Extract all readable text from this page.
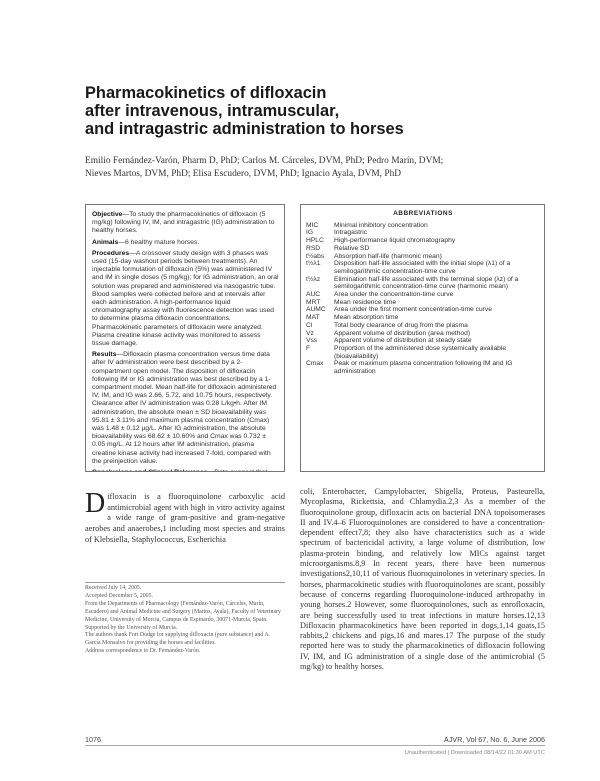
Pharmacokinetics of difloxacin
after intravenous, intramuscular,
and intragastric administration to horses
Emilio Fernández-Varón, Pharm D, PhD; Carlos M. Cárceles, DVM, PhD; Pedro Marín, DVM;
Nieves Martos, DVM, PhD; Elisa Escudero, DVM, PhD; Ignacio Ayala, DVM, PhD

Objective—To study the pharmacokinetics of difloxacin (5 mg/kg) following IV, IM, and intragastric (IG) administration to healthy horses.

Animals—6 healthy mature horses.

Procedures—A crossover study design with 3 phases was used (15-day washout periods between treatments). An injectable formulation of difloxacin (5%) was administered IV and IM in single doses (5 mg/kg); for IG administration, an oral solution was prepared and administered via nasogastric tube. Blood samples were collected before and at intervals after each administration. A high-performance liquid chromatography assay with fluorescence detection was used to determine plasma difloxacin concentrations. Pharmacokinetic parameters of difloxacin were analyzed. Plasma creatine kinase activity was monitored to assess tissue damage.

Results—Difloxacin plasma concentration versus time data after IV administration were best described by a 2-compartment open model. The disposition of difloxacin following IM or IG administration was best described by a 1-compartment model. Mean half-life for difloxacin administered IV, IM, and IG was 2.66, 5.72, and 10.75 hours, respectively. Clearance after IV administration was 0.28 L/kg•h. After IM administration, the absolute mean ± SD bioavailability was 95.81 ± 3.11% and maximum plasma concentration (Cmax) was 1.48 ± 0.12 µg/L. After IG administration, the absolute bioavailability was 68.62 ± 10.60% and Cmax was 0.732 ± 0.05 mg/L. At 12 hours after IM administration, plasma creatine kinase activity had increased 7-fold, compared with the preinjection value.

ABBREVIATIONS
MIC	Minimal inhibitory concentration
IG	Intragastric
HPLC	High-performance liquid chromatography
RSD	Relative SD
t½abs	Absorption half-life (harmonic mean)
t½λ1	Disposition half-life associated with the initial slope (λ1) of a semilogarithmic concentration-time curve
t½λz	Elimination half-life associated with the terminal slope (λz) of a semilogarithmic concentration-time curve (harmonic mean)
AUC	Area under the concentration-time curve
MRT	Mean residence time
AUMC	Area under the first moment concentration-time curve
MAT	Mean absorption time
Cl	Total body clearance of drug from the plasma
Vz	Apparent volume of distribution (area method)
Vss	Apparent volume of distribution at steady state
F	Proportion of the administered dose systemically available (bioavailability)
Cmax	Peak or maximum plasma concentration following IM and IG administration
Difloxacin is a fluoroquinolone carboxylic acid antimicrobial agent with high in vitro activity against a wide range of gram-positive and gram-negative aerobes and anaerobes,1 including most species and strains of Klebsiella, Staphylococcus, Escherichia
coli, Enterobacter, Campylobacter, Shigella, Proteus, Pasteurella, Mycoplasma, Rickettsia, and Chlamydia.2,3 As a member of the fluoroquinolone group, difloxacin acts on bacterial DNA topoisomerases II and IV.4–6 Fluoroquinolones are considered to have a concentration-dependent effect7,8; they also have characteristics such as a wide spectrum of bactericidal activity, a large volume of distribution, low plasma-protein binding, and relatively low MICs against target microorganisms.8,9 In recent years, there have been numerous investigations2,10,11 of various fluoroquinolones in veterinary species. In horses, pharmacokinetic studies with fluoroquinolones are scant, possibly because of concerns regarding fluoroquinolone-induced arthropathy in young horses.2 However, some fluoroquinolones, such as enrofloxacin, are being successfully used to treat infections in mature horses.12,13 Difloxacin pharmacokinetics have been reported in dogs,1,14 goats,15 rabbits,2 chickens and pigs,16 and mares.17 The purpose of the study reported here was to study the pharmacokinetics of difloxacin following IV, IM, and IG administration of a single dose of the antimicrobial (5 mg/kg) to healthy horses.
Received July 14, 2005.
Accepted December 5, 2005.
From the Departments of Pharmacology (Fernández-Varón, Cárceles, Marín, Escudero) and Animal Medicine and Surgery (Martos, Ayala), Faculty of Veterinary Medicine, University of Murcia, Campus de Espinardo, 30071-Murcia, Spain.
Supported by the University of Murcia.
The authors thank Fort Dodge for supplying difloxacin (pure substance) and A. García Monsalvo for providing the horses and facilities.
Address correspondence to Dr. Fernández-Varón.
1076	AJVR, Vol 67, No. 6, June 2006
Unauthenticated | Downloaded 08/14/22 01:30 AM UTC
